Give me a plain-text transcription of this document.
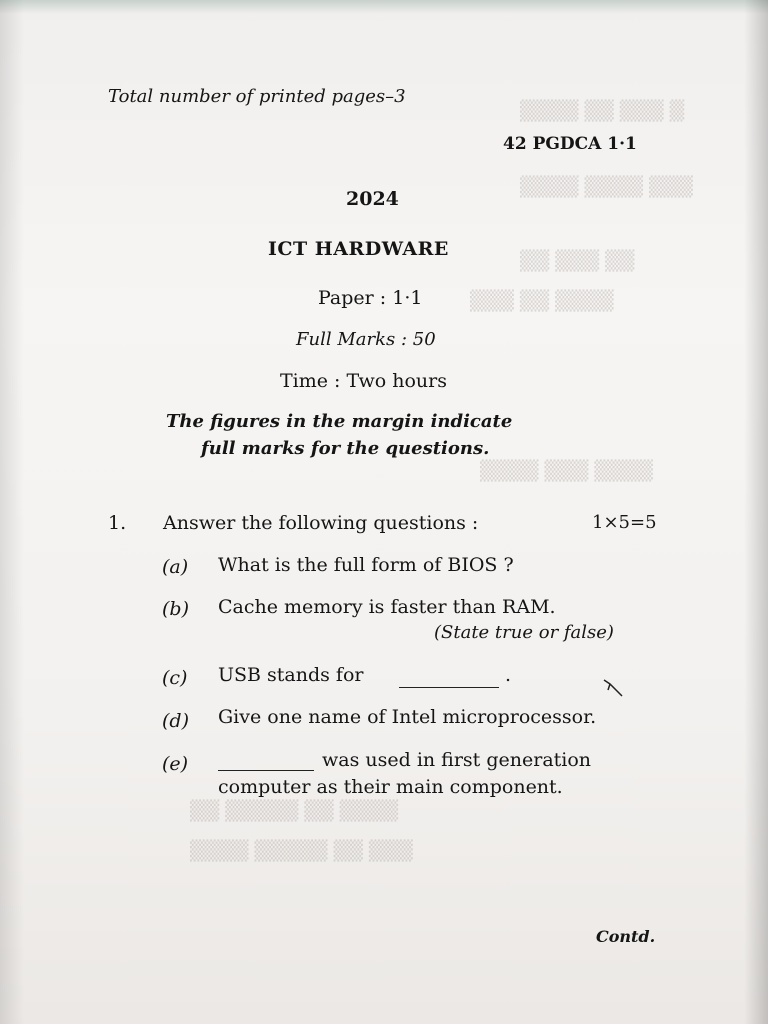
▒ ▒▒▒ ▒▒ ▒▒▒▒
▒▒▒ ▒▒▒▒ ▒▒▒▒
▒▒ ▒▒▒ ▒▒
▒▒▒▒ ▒▒ ▒▒▒
▒▒▒▒ ▒▒▒ ▒▒▒▒
▒▒▒▒ ▒▒ ▒▒▒▒▒ ▒▒
▒▒▒ ▒▒ ▒▒▒▒▒ ▒▒▒▒
Total number of printed pages–3
42 PGDCA 1·1
2024
ICT HARDWARE
Paper : 1·1
Full Marks : 50
Time : Two hours
The figures in the margin indicate
full marks for the questions.
1. Answer the following questions :	1×5=5
(a) What is the full form of BIOS ?
(b) Cache memory is faster than RAM.
(State true or false)
(c) USB stands for	.
(d) Give one name of Intel microprocessor.
(e)	was used in first generation
computer as their main component.
Contd.
